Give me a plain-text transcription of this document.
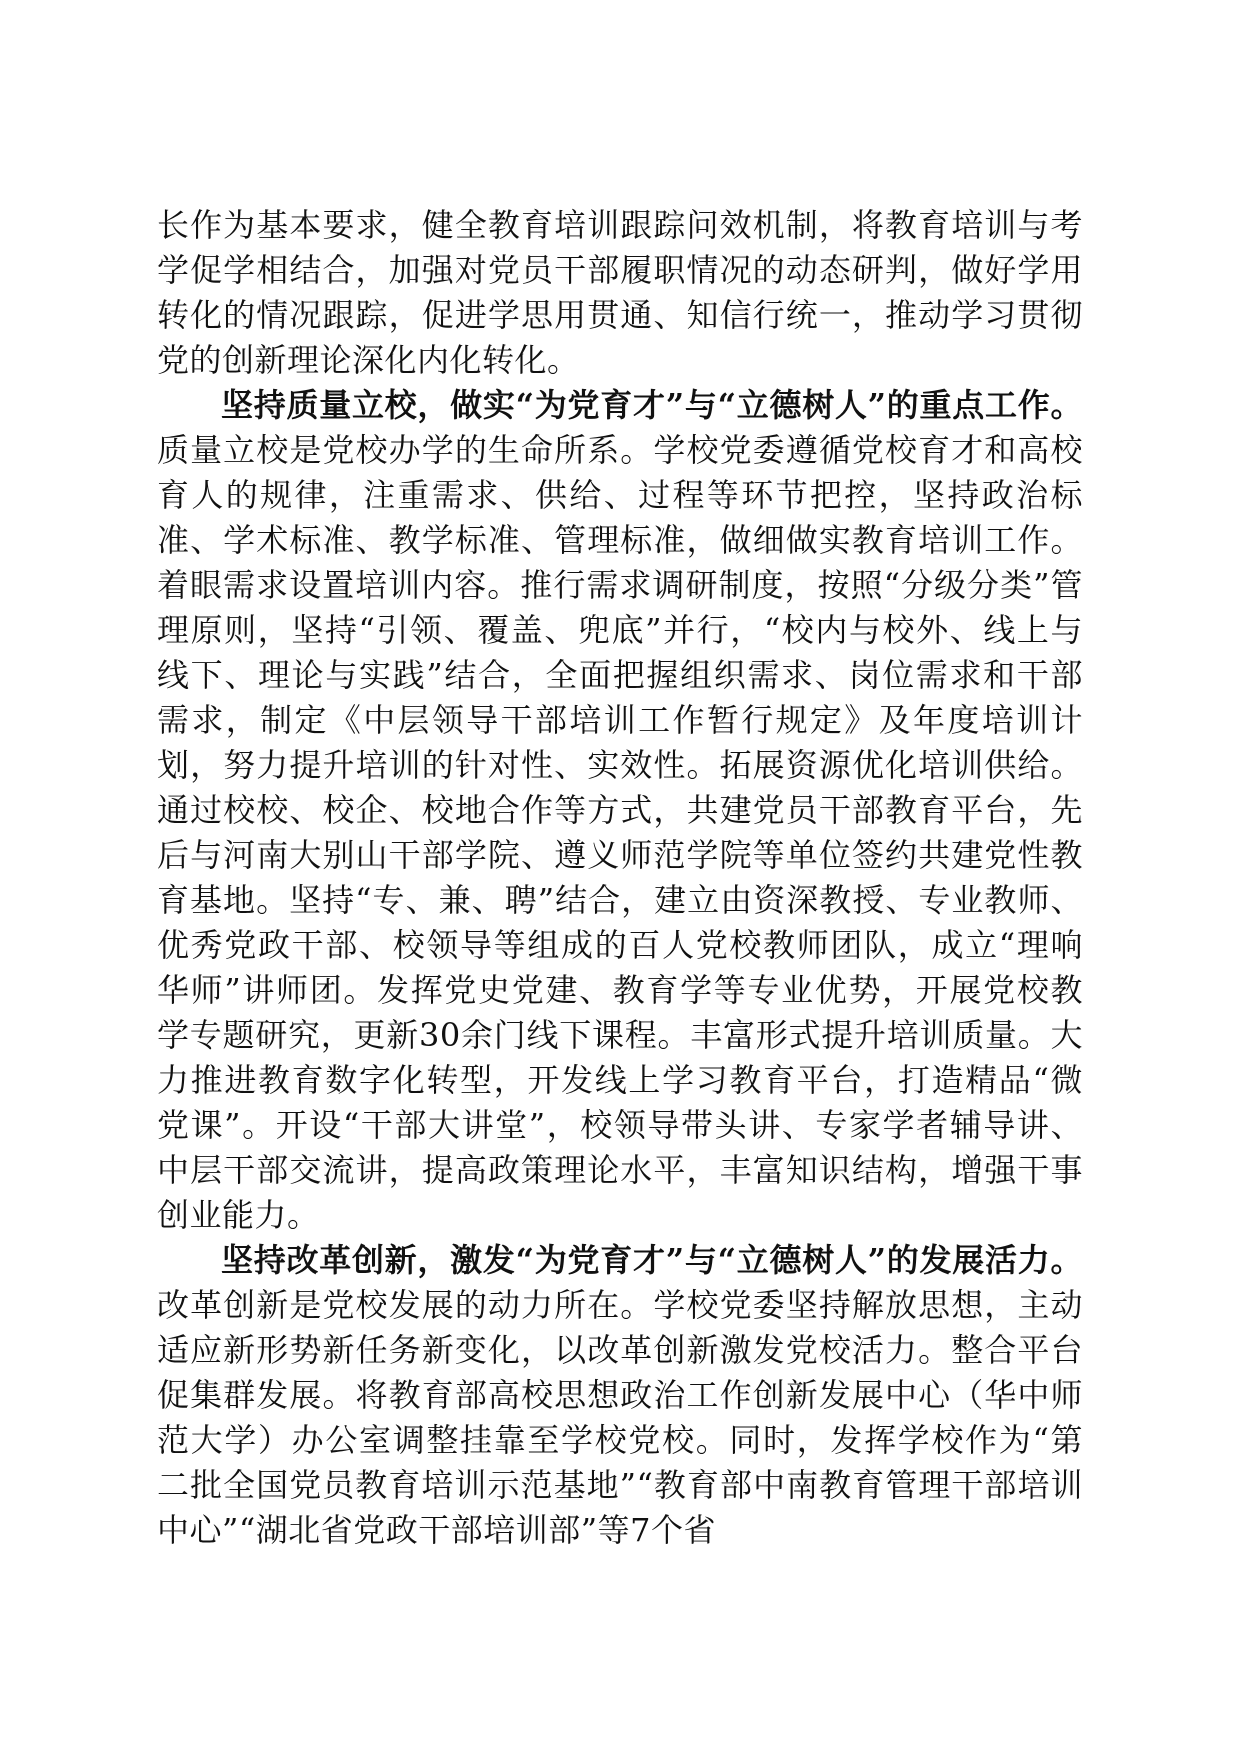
长作为基本要求，健全教育培训跟踪问效机制，将教育培训与考学促学相结合，加强对党员干部履职情况的动态研判，做好学用转化的情况跟踪，促进学思用贯通、知信行统一，推动学习贯彻党的创新理论深化内化转化。

坚持质量立校，做实“为党育才”与“立德树人”的重点工作。质量立校是党校办学的生命所系。学校党委遵循党校育才和高校育人的规律，注重需求、供给、过程等环节把控，坚持政治标准、学术标准、教学标准、管理标准，做细做实教育培训工作。着眼需求设置培训内容。推行需求调研制度，按照“分级分类”管理原则，坚持“引领、覆盖、兜底”并行，“校内与校外、线上与线下、理论与实践”结合，全面把握组织需求、岗位需求和干部需求，制定《中层领导干部培训工作暂行规定》及年度培训计划，努力提升培训的针对性、实效性。拓展资源优化培训供给。通过校校、校企、校地合作等方式，共建党员干部教育平台，先后与河南大别山干部学院、遵义师范学院等单位签约共建党性教育基地。坚持“专、兼、聘”结合，建立由资深教授、专业教师、优秀党政干部、校领导等组成的百人党校教师团队，成立“理响华师”讲师团。发挥党史党建、教育学等专业优势，开展党校教学专题研究，更新30余门线下课程。丰富形式提升培训质量。大力推进教育数字化转型，开发线上学习教育平台，打造精品“微党课”。开设“干部大讲堂”，校领导带头讲、专家学者辅导讲、中层干部交流讲，提高政策理论水平，丰富知识结构，增强干事创业能力。

坚持改革创新，激发“为党育才”与“立德树人”的发展活力。改革创新是党校发展的动力所在。学校党委坚持解放思想，主动适应新形势新任务新变化，以改革创新激发党校活力。整合平台促集群发展。将教育部高校思想政治工作创新发展中心（华中师范大学）办公室调整挂靠至学校党校。同时，发挥学校作为“第二批全国党员教育培训示范基地”“教育部中南教育管理干部培训中心”“湖北省党政干部培训部”等7个省
